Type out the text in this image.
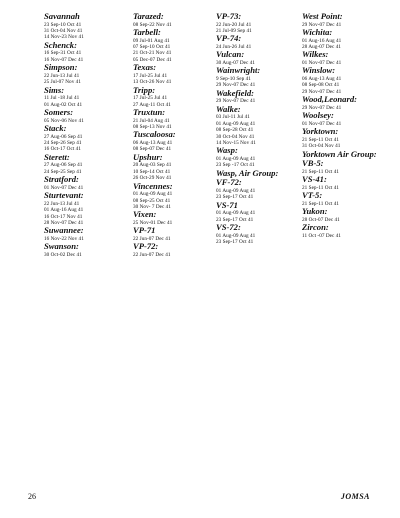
Savannah
23 Sep-10 Oct 41
31 Oct-04 Nov 41
14 Nov-23 Nov 41
Schenck:
16 Sep-31 Oct 41
16 Nov-07 Dec 41
Simpson:
22 Jun-13 Jul 41
25 Jul-07 Nov 41
Sims:
11 Jul -18 Jul 41
01 Aug-02 Oct 41
Somers:
05 Nov-06 Nov 41
Stack:
27 Aug-06 Sep 41
24 Sep-26 Sep 41
16 Oct-17 Oct 41
Sterett:
27 Aug-06 Sep 41
24 Sep-25 Sep 41
Stratford:
01 Nov-07 Dec 41
Sturtevant:
22 Jun-13 Jul 41
01 Aug-16 Aug 41
16 Oct-17 Nov 41
28 Nov-07 Dec 41
Suwannee:
16 Nov-22 Nov 41
Swanson:
30 Oct-02 Dec 41
Tarazed:
08 Sep-22 Nov 41
Tarbell:
09 Jul-01 Aug 41
07 Sep-10 Oct 41
21 Oct-21 Nov 41
05 Dec-07 Dec 41
Texas:
17 Jul-25 Jul 41
13 Oct-26 Nov 41
Tripp:
17 Jul-25 Jul 41
27 Aug-11 Oct 41
Truxtun:
21 Jul-04 Aug 41
08 Sep-13 Nov 41
Tuscaloosa:
06 Aug-13 Aug 41
08 Sep-07 Dec 41
Upshur:
20 Aug-03 Sep 41
10 Sep-14 Oct 41
26 Oct-29 Nov 41
Vincennes:
01 Aug-09 Aug 41
08 Sep-25 Oct 41
30 Nov- 7 Dec 41
Vixen:
25 Nov-01 Dec 41
VP-71
22 Jun-07 Dec 41
VP-72:
22 Jun-07 Dec 41
VP-73:
22 Jun-20 Jul 41
21 Jul-09 Sep 41
VP-74:
24 Jun-26 Jul 41
Vulcan:
30 Aug-07 Dec 41
Wainwright:
9 Sep-10 Sep 41
29 Nov-07 Dec 41
Wakefield:
29 Nov-07 Dec 41
Walke:
03 Jul-11 Jul 41
01 Aug-09 Aug 41
08 Sep-28 Oct 41
30 Oct-04 Nov 41
14 Nov-15 Nov 41
Wasp:
01 Aug-09 Aug 41
23 Sep -17 Oct 41
Wasp, Air Group:
VF-72:
01 Aug-09 Aug 41
23 Sep-17 Oct 41
VS-71
01 Aug-09 Aug 41
23 Sep-17 Oct 41
VS-72:
01 Aug-09 Aug 41
23 Sep-17 Oct 41
West Point:
29 Nov-07 Dec 41
Wichita:
01 Aug-16 Aug 41
28 Aug-07 Dec 41
Wilkes:
01 Nov-07 Dec 41
Winslow:
06 Aug-13 Aug 41
08 Sep-08 Oct 41
29 Nov-07 Dec 41
Wood,Leonard:
29 Nov-07 Dec 41
Woolsey:
01 Nov-07 Dec 41
Yorktown:
21 Sep-11 Oct 41
31 Oct-04 Nov 41
Yorktown Air Group:
VB-5:
21 Sep-11 Oct 41
VS-41:
21 Sep-11 Oct 41
VT-5:
21 Sep-11 Oct 41
Yukon:
28 Oct-07 Dec 41
Zircon:
11 Oct -07 Dec 41
26	JOMSA
